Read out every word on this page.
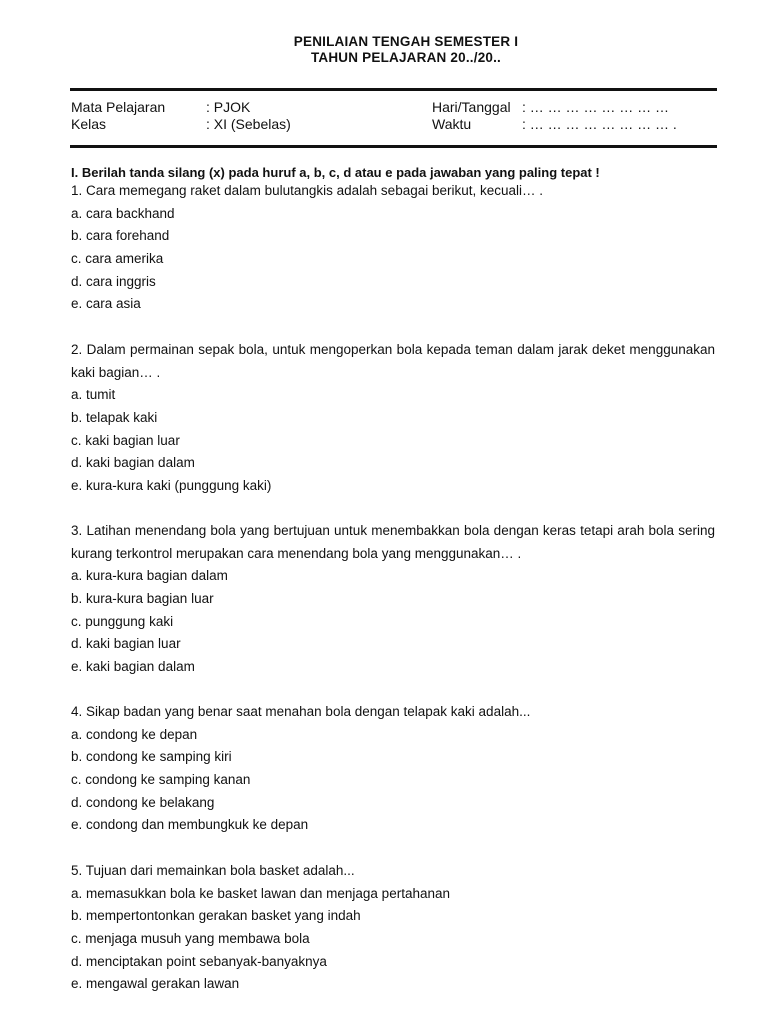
PENILAIAN TENGAH SEMESTER I
TAHUN PELAJARAN 20../20..
Mata Pelajaran	: PJOK	Hari/Tanggal : … … … … … … … …
Kelas	: XI (Sebelas)	Waktu	: … … … … … … … … .
I. Berilah tanda silang (x) pada huruf a, b, c, d atau e pada jawaban yang paling tepat !
1. Cara memegang raket dalam bulutangkis adalah sebagai berikut, kecuali… .
a. cara backhand
b. cara forehand
c. cara amerika
d. cara inggris
e. cara asia
2. Dalam permainan sepak bola, untuk mengoperkan bola kepada teman dalam jarak deket menggunakan kaki bagian… .
a. tumit
b. telapak kaki
c. kaki bagian luar
d. kaki bagian dalam
e. kura-kura kaki (punggung kaki)
3. Latihan menendang bola yang bertujuan untuk menembakkan bola dengan keras tetapi arah bola sering kurang terkontrol merupakan cara menendang bola yang menggunakan… .
a. kura-kura bagian dalam
b. kura-kura bagian luar
c. punggung kaki
d. kaki bagian luar
e. kaki bagian dalam
4. Sikap badan yang benar saat menahan bola dengan telapak kaki adalah...
a. condong ke depan
b. condong ke samping kiri
c. condong ke samping kanan
d. condong ke belakang
e. condong dan membungkuk ke depan
5. Tujuan dari memainkan bola basket adalah...
a. memasukkan bola ke basket lawan dan menjaga pertahanan
b. mempertontonkan gerakan basket yang indah
c. menjaga musuh yang membawa bola
d. menciptakan point sebanyak-banyaknya
e. mengawal gerakan lawan
